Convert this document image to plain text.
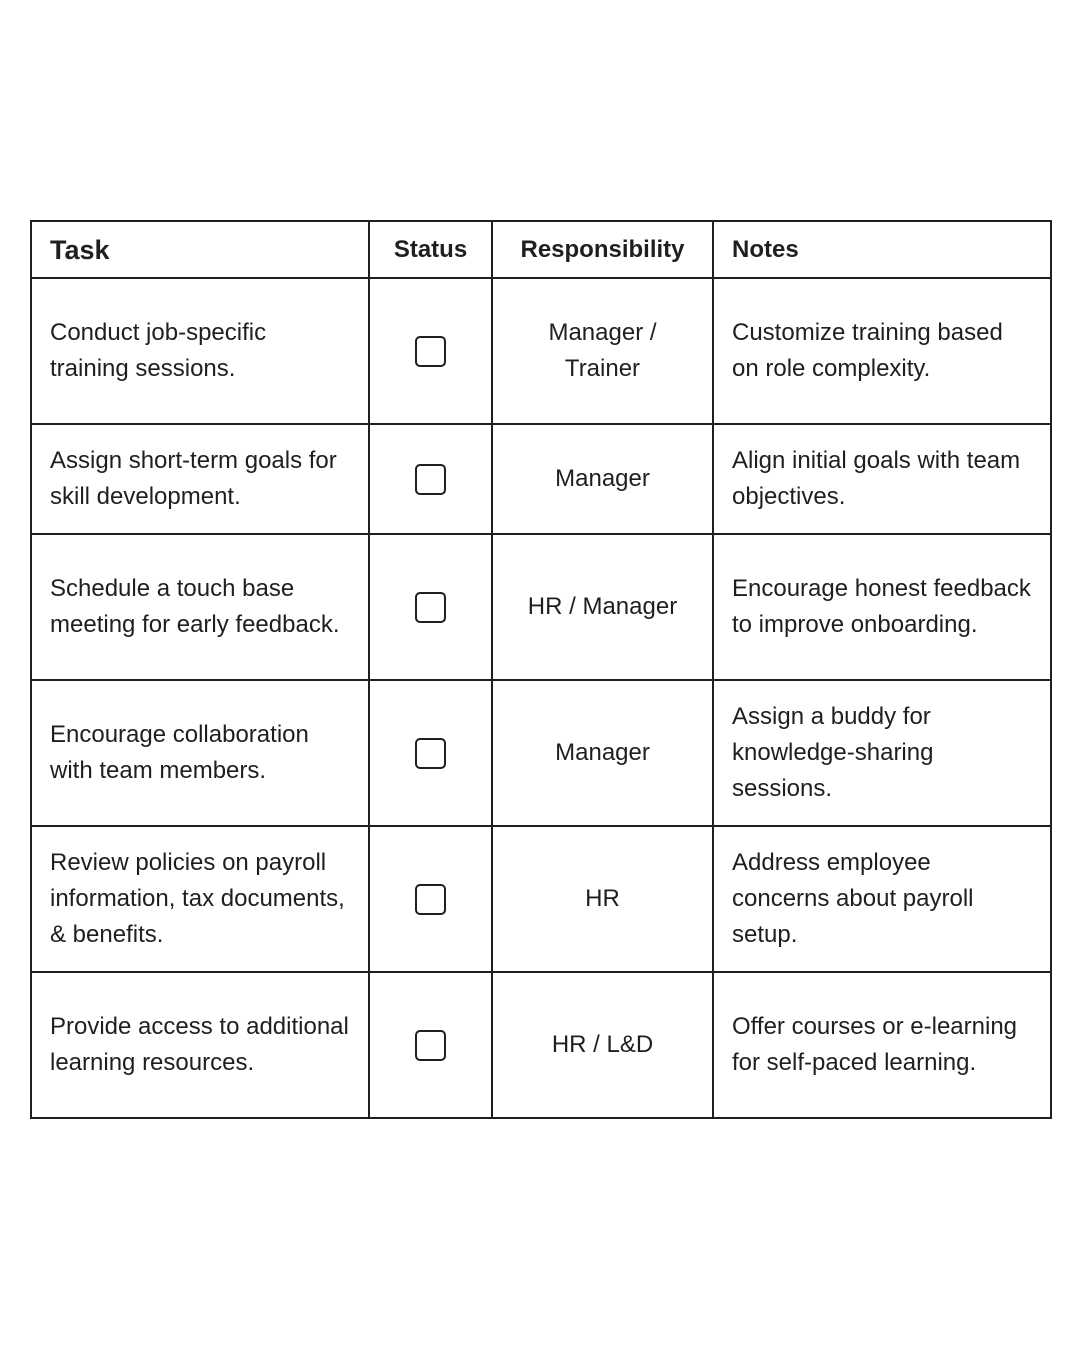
Task	Status	Responsibility	Notes
Conduct job-specific training sessions.		Manager / Trainer	Customize training based on role complexity.
Assign short-term goals for skill development.		Manager	Align initial goals with team objectives.
Schedule a touch base meeting for early feedback.		HR / Manager	Encourage honest feedback to improve onboarding.
Encourage collaboration with team members.		Manager	Assign a buddy for knowledge-sharing sessions.
Review policies on payroll information, tax documents, & benefits.		HR	Address employee concerns about payroll setup.
Provide access to additional learning resources.		HR / L&D	Offer courses or e-learning for self-paced learning.
